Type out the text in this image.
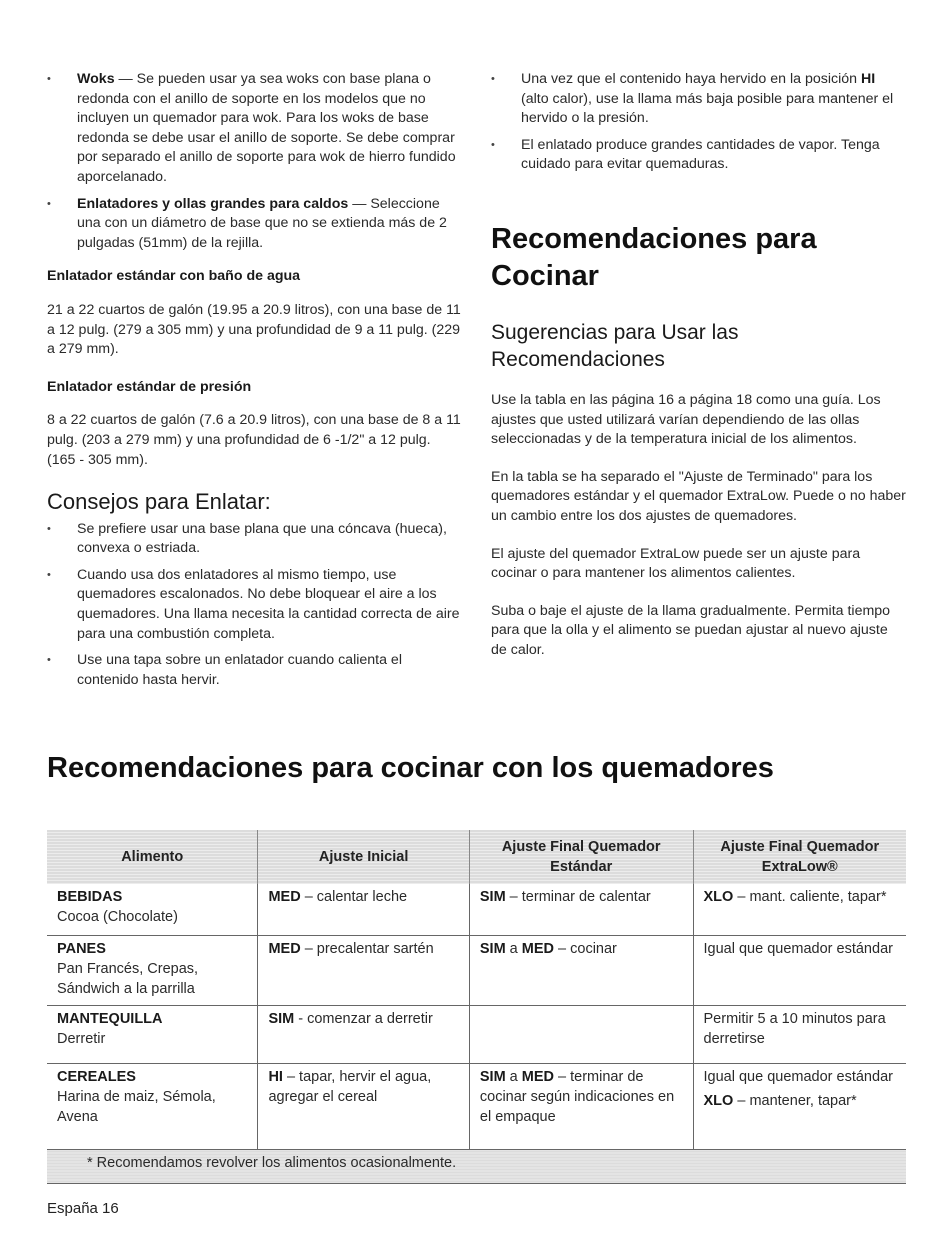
• Woks — Se pueden usar ya sea woks con base plana o redonda con el anillo de soporte en los modelos que no incluyen un quemador para wok. Para los woks de base redonda se debe usar el anillo de soporte. Se debe comprar por separado el anillo de soporte para wok de hierro fundido aporcelanado.
• Enlatadores y ollas grandes para caldos — Seleccione una con un diámetro de base que no se extienda más de 2 pulgadas (51mm) de la rejilla.
Enlatador estándar con baño de agua

21 a 22 cuartos de galón (19.95 a 20.9 litros), con una base de 11 a 12 pulg. (279 a 305 mm) y una profundidad de 9 a 11 pulg. (229 a 279 mm).

Enlatador estándar de presión

8 a 22 cuartos de galón (7.6 a 20.9 litros), con una base de 8 a 11 pulg. (203 a 279 mm) y una profundidad de 6 -1/2" a 12 pulg. (165 - 305 mm).

Consejos para Enlatar:
• Se prefiere usar una base plana que una cóncava (hueca), convexa o estriada.
• Cuando usa dos enlatadores al mismo tiempo, use quemadores escalonados. No debe bloquear el aire a los quemadores. Una llama necesita la cantidad correcta de aire para una combustión completa.
• Use una tapa sobre un enlatador cuando calienta el contenido hasta hervir.
• Una vez que el contenido haya hervido en la posición HI (alto calor), use la llama más baja posible para mantener el hervido o la presión.
• El enlatado produce grandes cantidades de vapor. Tenga cuidado para evitar quemaduras.
Recomendaciones para Cocinar
Sugerencias para Usar las Recomendaciones

Use la tabla en las página 16 a página 18 como una guía. Los ajustes que usted utilizará varían dependiendo de las ollas seleccionadas y de la temperatura inicial de los alimentos.

En la tabla se ha separado el "Ajuste de Terminado" para los quemadores estándar y el quemador ExtraLow. Puede o no haber un cambio entre los dos ajustes de quemadores.

El ajuste del quemador ExtraLow puede ser un ajuste para cocinar o para mantener los alimentos calientes.

Suba o baje el ajuste de la llama gradualmente. Permita tiempo para que la olla y el alimento se puedan ajustar al nuevo ajuste de calor.

Recomendaciones para cocinar con los quemadores
Alimento	Ajuste Inicial	Ajuste Final Quemador Estándar	Ajuste Final Quemador ExtraLow®
BEBIDAS
Cocoa (Chocolate)	MED – calentar leche	SIM – terminar de calentar	XLO – mant. caliente, tapar*
PANES
Pan Francés, Crepas, Sándwich a la parrilla	MED – precalentar sartén	SIM a MED – cocinar	Igual que quemador estándar
MANTEQUILLA
Derretir	SIM - comenzar a derretir		Permitir 5 a 10 minutos para derretirse
CEREALES
Harina de maiz, Sémola, Avena	HI – tapar, hervir el agua, agregar el cereal	SIM a MED – terminar de cocinar según indicaciones en el empaque	Igual que quemador estándar
XLO – mantener, tapar*

* Recomendamos revolver los alimentos ocasionalmente.			
España 16
